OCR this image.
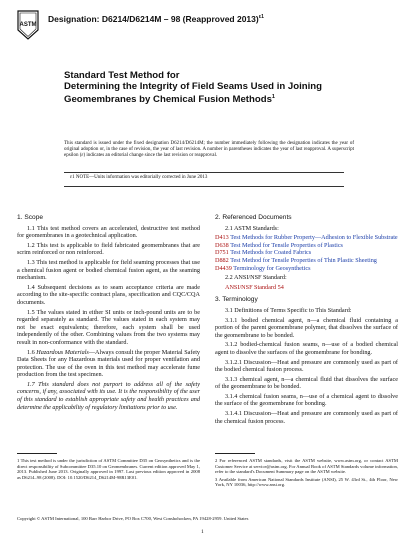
ASTM
Designation: D6214/D6214M – 98 (Reapproved 2013)$^{\varepsilon 1}$
Standard Test Method for
Determining the Integrity of Field Seams Used in Joining
Geomembranes by Chemical Fusion Methods$^1$
This standard is issued under the fixed designation D6214/D6214M; the number immediately following the designation indicates the year of original adoption or, in the case of revision, the year of last revision. A number in parentheses indicates the year of last reapproval. A superscript epsilon (ε) indicates an editorial change since the last revision or reapproval.
ε1 NOTE—Units information was editorially corrected in June 2013
1. Scope
1.1 This test method covers an accelerated, destructive test method for geomembranes in a geotechnical application.
1.2 This test is applicable to field fabricated geomembranes that are scrim reinforced or non reinforced.
1.3 This test method is applicable for field seaming processes that use a chemical fusion agent or bodied chemical fusion agent, as the seaming mechanism.
1.4 Subsequent decisions as to seam acceptance criteria are made according to the site-specific contract plans, specification and CQC/CQA documents.
1.5 The values stated in either SI units or inch-pound units are to be regarded separately as standard. The values stated in each system may not be exact equivalents; therefore, each system shall be used independently of the other. Combining values from the two systems may result in non-conformance with the standard.
1.6 Hazardous Materials—Always consult the proper Material Safety Data Sheets for any Hazardous materials used for proper ventilation and protection. The use of the oven in this test method may accelerate fume production from the test specimen.
1.7 This standard does not purport to address all of the safety concerns, if any, associated with its use. It is the responsibility of the user of this standard to establish appropriate safety and health practices and determine the applicability of regulatory limitations prior to use.
2. Referenced Documents
2.1 ASTM Standards:
D413 Test Methods for Rubber Property—Adhesion to Flexible Substrate
D638 Test Method for Tensile Properties of Plastics
D751 Test Methods for Coated Fabrics
D882 Test Method for Tensile Properties of Thin Plastic Sheeting
D4439 Terminology for Geosynthetics
2.2 ANSI/NSF Standard:
ANSI/NSF Standard 54
3. Terminology
3.1 Definitions of Terms Specific to This Standard:
3.1.1 bodied chemical agent, n—a chemical fluid containing a portion of the parent geomembrane polymer, that dissolves the surface of the geomembrane to be bonded.
3.1.2 bodied-chemical fusion seams, n—use of a bodied chemical agent to dissolve the surfaces of the geomembrane for bonding.
3.1.2.1 Discussion—Heat and pressure are commonly used as part of the bodied chemical fusion process.
3.1.3 chemical agent, n—a chemical fluid that dissolves the surface of the geomembrane to be bonded.
3.1.4 chemical fusion seams, n—use of a chemical agent to dissolve the surface of the geomembrane for bonding.
3.1.4.1 Discussion—Heat and pressure are commonly used as part of the chemical fusion process.
1 This test method is under the jurisdiction of ASTM Committee D35 on Geosynthetics and is the direct responsibility of Subcommittee D35.10 on Geomembranes. Current edition approved May 1, 2013. Published June 2013. Originally approved in 1997. Last previous edition approved in 2008 as D6214–98 (2008). DOI: 10.1520/D6214_D6214M-98R13E01.
2 For referenced ASTM standards, visit the ASTM website, www.astm.org, or contact ASTM Customer Service at service@astm.org. For Annual Book of ASTM Standards volume information, refer to the standard's Document Summary page on the ASTM website.
3 Available from American National Standards Institute (ANSI), 25 W. 43rd St., 4th Floor, New York, NY 10036, http://www.ansi.org.
Copyright © ASTM International, 100 Barr Harbor Drive, PO Box C700, West Conshohocken, PA 19428-2959. United States
1
